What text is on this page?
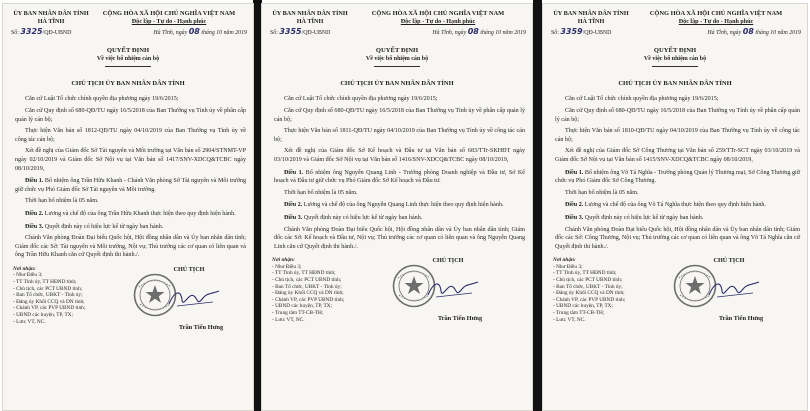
ỦY BAN NHÂN DÂN TỈNH HÀ TĨNH
CỘNG HÒA XÃ HỘI CHỦ NGHĨA VIỆT NAM
Độc lập - Tự do - Hạnh phúc
Số: 3325/QĐ-UBND	Hà Tĩnh, ngày 08 tháng 10 năm 2019
QUYẾT ĐỊNH
Về việc bổ nhiệm cán bộ
CHỦ TỊCH ỦY BAN NHÂN DÂN TỈNH

Căn cứ Luật Tổ chức chính quyền địa phương ngày 19/6/2015;

Căn cứ Quy định số 680-QĐ/TU ngày 16/5/2018 của Ban Thường vụ Tỉnh ủy về phân cấp quản lý cán bộ;

Thực hiện Văn bản số 1812-QĐ/TU ngày 04/10/2019 của Ban Thường vụ Tỉnh ủy về công tác cán bộ;

Xét đề nghị của Giám đốc Sở Tài nguyên và Môi trường tại Văn bản số 2904/STNMT-VP ngày 02/10/2019 và Giám đốc Sở Nội vụ tại Văn bản số 1417/SNV-XDCQ&TCBC ngày 08/10/2019,

Điều 1. Bổ nhiệm ông Trần Hữu Khanh - Chánh Văn phòng Sở Tài nguyên và Môi trường giữ chức vụ Phó Giám đốc Sở Tài nguyên và Môi trường.

Thời hạn bổ nhiệm là 05 năm.

Điều 2. Lương và chế độ của ông Trần Hữu Khanh thực hiện theo quy định hiện hành.

Điều 3. Quyết định này có hiệu lực kể từ ngày ban hành.

Chánh Văn phòng Đoàn Đại biểu Quốc hội, Hội đồng nhân dân và Ủy ban nhân dân tỉnh; Giám đốc các Sở: Tài nguyên và Môi trường, Nội vụ; Thủ trưởng các cơ quan có liên quan và ông Trần Hữu Khanh căn cứ Quyết định thi hành./.

Nơi nhận:
- Như Điều 3;
- TT Tỉnh ủy, TT HĐND tỉnh;
- Chủ tịch, các PCT UBND tỉnh;
- Ban Tổ chức, UBKT - Tỉnh ủy;
- Đảng ủy Khối CCQ và DN tỉnh;
- Chánh VP, các PVP UBND tỉnh;
- UBND các huyện, TP, TX;
- Lưu: VT, NC.
CHỦ TỊCH
Trần Tiến Hưng
ỦY BAN NHÂN DÂN TỈNH HÀ TĨNH
CỘNG HÒA XÃ HỘI CHỦ NGHĨA VIỆT NAM
Độc lập - Tự do - Hạnh phúc
Số: 3355/QĐ-UBND	Hà Tĩnh, ngày 08 tháng 10 năm 2019
QUYẾT ĐỊNH
Về việc bổ nhiệm cán bộ
CHỦ TỊCH ỦY BAN NHÂN DÂN TỈNH

Căn cứ Luật Tổ chức chính quyền địa phương ngày 19/6/2015;

Căn cứ Quy định số 680-QĐ/TU ngày 16/5/2018 của Ban Thường vụ Tỉnh ủy về phân cấp quản lý cán bộ;

Thực hiện Văn bản số 1811-QĐ/TU ngày 04/10/2019 của Ban Thường vụ Tỉnh ủy về công tác cán bộ;

Xét đề nghị của Giám đốc Sở Kế hoạch và Đầu tư tại Văn bản số 683/TTr-SKHĐT ngày 03/10/2019 và Giám đốc Sở Nội vụ tại Văn bản số 1416/SNV-XDCQ&TCBC ngày 08/10/2019,

Điều 1. Bổ nhiệm ông Nguyễn Quang Linh - Trưởng phòng Doanh nghiệp và Đầu tư, Sở Kế hoạch và Đầu tư giữ chức vụ Phó Giám đốc Sở Kế hoạch và Đầu tư.

Thời hạn bổ nhiệm là 05 năm.

Điều 2. Lương và chế độ của ông Nguyễn Quang Linh thực hiện theo quy định hiện hành.

Điều 3. Quyết định này có hiệu lực kể từ ngày ban hành.

Chánh Văn phòng Đoàn Đại biểu Quốc hội, Hội đồng nhân dân và Ủy ban nhân dân tỉnh; Giám đốc các Sở: Kế hoạch và Đầu tư, Nội vụ; Thủ trưởng các cơ quan có liên quan và ông Nguyễn Quang Linh căn cứ Quyết định thi hành./.

Nơi nhận:
- Như Điều 3;
- TT Tỉnh ủy, TT HĐND tỉnh;
- Chủ tịch, các PCT UBND tỉnh;
- Ban Tổ chức, UBKT - Tỉnh ủy;
- Đảng ủy Khối CCQ và DN tỉnh;
- Chánh VP, các PVP UBND tỉnh;
- UBND các huyện, TP, TX;
- Trung tâm TT-CB-TH;
- Lưu: VT, NC.
CHỦ TỊCH
Trần Tiến Hưng
ỦY BAN NHÂN DÂN TỈNH HÀ TĨNH
CỘNG HÒA XÃ HỘI CHỦ NGHĨA VIỆT NAM
Độc lập - Tự do - Hạnh phúc
Số: 3359/QĐ-UBND	Hà Tĩnh, ngày 08 tháng 10 năm 2019
QUYẾT ĐỊNH
Về việc bổ nhiệm cán bộ
CHỦ TỊCH ỦY BAN NHÂN DÂN TỈNH

Căn cứ Luật Tổ chức chính quyền địa phương ngày 19/6/2015;

Căn cứ Quy định số 680-QĐ/TU ngày 16/5/2018 của Ban Thường vụ Tỉnh ủy về phân cấp quản lý cán bộ;

Thực hiện Văn bản số 1810-QĐ/TU ngày 04/10/2019 của Ban Thường vụ Tỉnh ủy về công tác cán bộ;

Xét đề nghị của Giám đốc Sở Công Thương tại Văn bản số 259/TTr-SCT ngày 03/10/2019 và Giám đốc Sở Nội vụ tại Văn bản số 1415/SNV-XDCQ&TCBC ngày 08/10/2019,

Điều 1. Bổ nhiệm ông Võ Tá Nghĩa - Trưởng phòng Quản lý Thương mại, Sở Công Thương giữ chức vụ Phó Giám đốc Sở Công Thương.

Thời hạn bổ nhiệm là 05 năm.

Điều 2. Lương và chế độ của ông Võ Tá Nghĩa thực hiện theo quy định hiện hành.

Điều 3. Quyết định này có hiệu lực kể từ ngày ban hành.

Chánh Văn phòng Đoàn Đại biểu Quốc hội, Hội đồng nhân dân và Ủy ban nhân dân tỉnh; Giám đốc các Sở: Công Thương, Nội vụ; Thủ trưởng các cơ quan có liên quan và ông Võ Tá Nghĩa căn cứ Quyết định thi hành./.

Nơi nhận:
- Như Điều 3;
- TT Tỉnh ủy, TT HĐND tỉnh;
- Chủ tịch, các PCT UBND tỉnh;
- Ban Tổ chức, UBKT - Tỉnh ủy;
- Đảng ủy Khối CCQ và DN tỉnh;
- Chánh VP, các PVP UBND tỉnh;
- UBND các huyện, TP, TX;
- Trung tâm TT-CB-TH;
- Lưu: VT, NC.
CHỦ TỊCH
Trần Tiến Hưng
